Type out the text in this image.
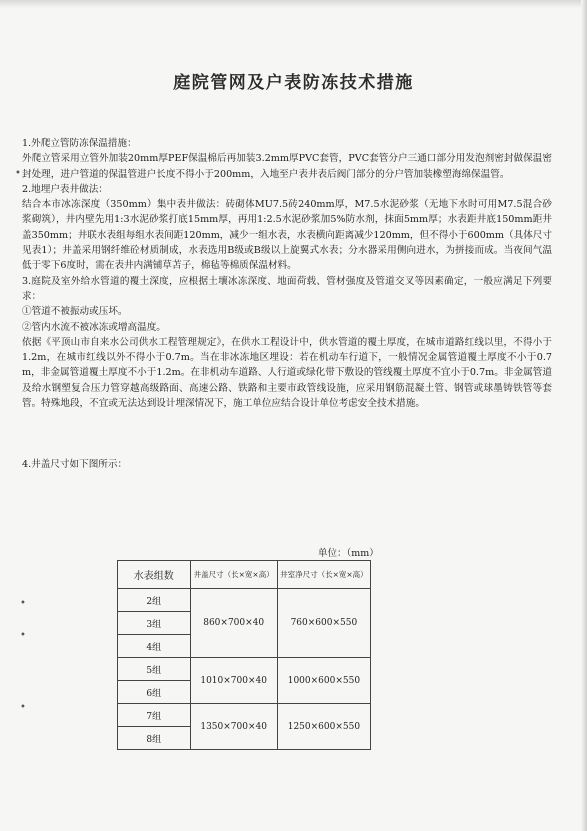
庭院管网及户表防冻技术措施

1.外爬立管防冻保温措施：

外爬立管采用立管外加装20mm厚PEF保温棉后再加装3.2mm厚PVC套管，PVC套管分户三通口部分用发泡剂密封做保温密封处理，进户管道的保温管进户长度不得小于200mm，入地至户表井表后阀门部分的分户管加装橡塑海绵保温管。

2.地埋户表井做法：

结合本市冰冻深度（350mm）集中表井做法：砖砌体MU7.5砖240mm厚，M7.5水泥砂浆（无地下水时可用M7.5混合砂浆砌筑），井内壁先用1:3水泥砂浆打底15mm厚，再用1:2.5水泥砂浆加5%防水剂，抹面5mm厚；水表距井底150mm距井盖350mm；井联水表组每组水表间距120mm，减少一组水表，水表横向距离减少120mm，但不得小于600mm（具体尺寸见表1）；井盖采用钢纤维砼材质制成，水表选用B级或B级以上旋翼式水表；分水器采用侧向进水，为拼接而成。当夜间气温低于零下6度时，需在表井内满铺草苫子，棉毡等棉质保温材料。

3.庭院及室外给水管道的覆土深度，应根据土壤冰冻深度、地面荷载、管材强度及管道交叉等因素确定，一般应满足下列要求：

①管道不被振动或压坏。

②管内水流不被冰冻或增高温度。

依据《平顶山市自来水公司供水工程管理规定》，在供水工程设计中，供水管道的覆土厚度，在城市道路红线以里，不得小于1.2m，在城市红线以外不得小于0.7m。当在非冰冻地区埋设：若在机动车行道下，一般情况金属管道覆土厚度不小于0.7m，非金属管道覆土厚度不小于1.2m。在非机动车道路、人行道或绿化带下敷设的管线覆土厚度不宜小于0.7m。非金属管道及给水钢塑复合压力管穿越高级路面、高速公路、铁路和主要市政管线设施，应采用钢筋混凝土管、钢管或球墨铸铁管等套管。特殊地段，不宜或无法达到设计埋深情况下，施工单位应结合设计单位考虑安全技术措施。

4.井盖尺寸如下图所示：

单位：（mm）
水表组数	井盖尺寸（长×宽×高）	井室净尺寸（长×宽×高）
2组	860×700×40	760×600×550
3组		
4组		
5组	1010×700×40	1000×600×550
6组		
7组	1350×700×40	1250×600×550
8组		
•
•
•
•
